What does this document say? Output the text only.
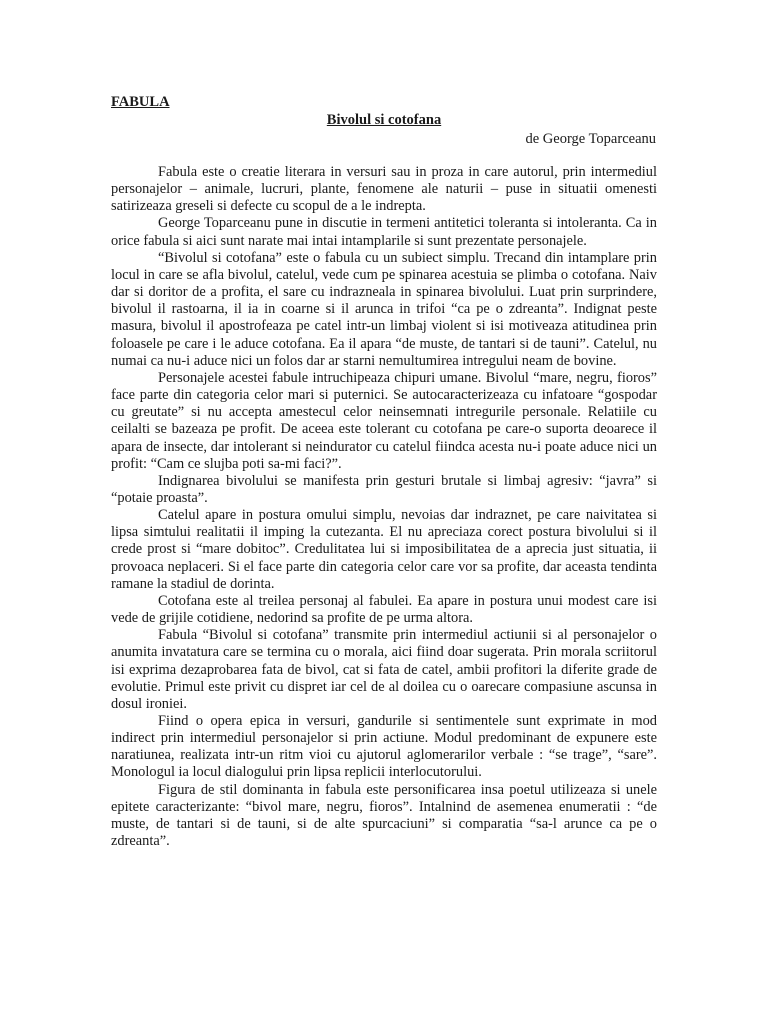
FABULA
Bivolul si cotofana
de George Toparceanu

Fabula este o creatie literara in versuri sau in proza in care autorul, prin intermediul personajelor – animale, lucruri, plante, fenomene ale naturii – puse in situatii omenesti satirizeaza greseli si defecte cu scopul de a le indrepta.

George Toparceanu pune in discutie in termeni antitetici toleranta si intoleranta. Ca in orice fabula si aici sunt narate mai intai intamplarile si sunt prezentate personajele.

“Bivolul si cotofana” este o fabula cu un subiect simplu. Trecand din intamplare prin locul in care se afla bivolul, catelul, vede cum pe spinarea acestuia se plimba o cotofana. Naiv dar si doritor de a profita, el sare cu indrazneala in spinarea bivolului. Luat prin surprindere, bivolul il rastoarna, il ia in coarne si il arunca in trifoi “ca pe o zdreanta”. Indignat peste masura, bivolul il apostrofeaza pe catel intr-un limbaj violent si isi motiveaza atitudinea prin foloasele pe care i le aduce cotofana. Ea il apara “de muste, de tantari si de tauni”. Catelul, nu numai ca nu-i aduce nici un folos dar ar starni nemultumirea intregului neam de bovine.

Personajele acestei fabule intruchipeaza chipuri umane. Bivolul “mare, negru, fioros” face parte din categoria celor mari si puternici. Se autocaracterizeaza cu infatoare “gospodar cu greutate” si nu accepta amestecul celor neinsemnati intregurile personale. Relatiile cu ceilalti se bazeaza pe profit. De aceea este tolerant cu cotofana pe care-o suporta deoarece il apara de insecte, dar intolerant si neindurator cu catelul fiindca acesta nu-i poate aduce nici un profit: “Cam ce slujba poti sa-mi faci?”.

Indignarea bivolului se manifesta prin gesturi brutale si limbaj agresiv: “javra” si “potaie proasta”.

Catelul apare in postura omului simplu, nevoias dar indraznet, pe care naivitatea si lipsa simtului realitatii il imping la cutezanta. El nu apreciaza corect postura bivolului si il crede prost si “mare dobitoc”. Credulitatea lui si imposibilitatea de a aprecia just situatia, ii provoaca neplaceri. Si el face parte din categoria celor care vor sa profite, dar aceasta tendinta ramane la stadiul de dorinta.

Cotofana este al treilea personaj al fabulei. Ea apare in postura unui modest care isi vede de grijile cotidiene, nedorind sa profite de pe urma altora.

Fabula “Bivolul si cotofana” transmite prin intermediul actiunii si al personajelor o anumita invatatura care se termina cu o morala, aici fiind doar sugerata. Prin morala scriitorul isi exprima dezaprobarea fata de bivol, cat si fata de catel, ambii profitori la diferite grade de evolutie. Primul este privit cu dispret iar cel de al doilea cu o oarecare compasiune ascunsa in dosul ironiei.

Fiind o opera epica in versuri, gandurile si sentimentele sunt exprimate in mod indirect prin intermediul personajelor si prin actiune. Modul predominant de expunere este naratiunea, realizata intr-un ritm vioi cu ajutorul aglomerarilor verbale : “se trage”, “sare”. Monologul ia locul dialogului prin lipsa replicii interlocutorului.

Figura de stil dominanta in fabula este personificarea insa poetul utilizeaza si unele epitete caracterizante: “bivol mare, negru, fioros”. Intalnind de asemenea enumeratii : “de muste, de tantari si de tauni, si de alte spurcaciuni” si comparatia “sa-l arunce ca pe o zdreanta”.
